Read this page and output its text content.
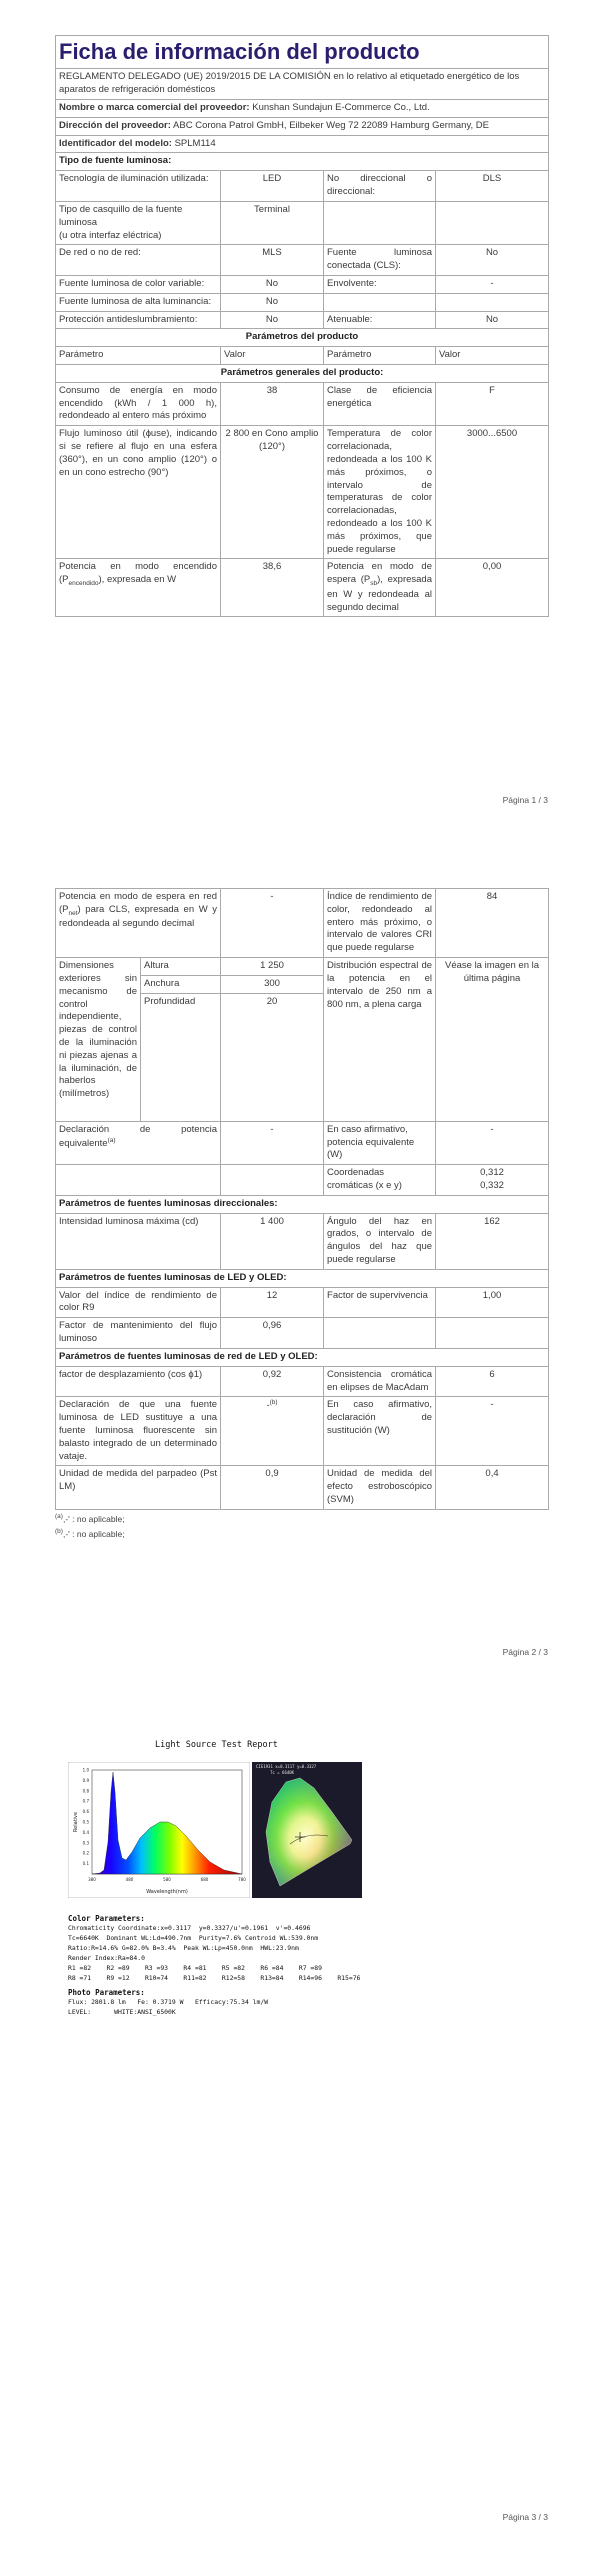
Ficha de información del producto			
REGLAMENTO DELEGADO (UE) 2019/2015 DE LA COMISIÓN en lo relativo al etiquetado energético de los aparatos de refrigeración domésticos			
Nombre o marca comercial del proveedor: Kunshan Sundajun E-Commerce Co., Ltd.			
Dirección del proveedor: ABC Corona Patrol GmbH, Eilbeker Weg 72 22089 Hamburg Germany, DE			
Identificador del modelo: SPLM114			
Tipo de fuente luminosa:			
Tecnología de iluminación utilizada:	LED	No direccional o direccional:	DLS
Tipo de casquillo de la fuente luminosa
(u otra interfaz eléctrica)	Terminal		
De red o no de red:	MLS	Fuente luminosa conectada (CLS):	No
Fuente luminosa de color variable:	No	Envolvente:	-
Fuente luminosa de alta luminancia:	No		
Protección antideslumbramiento:	No	Atenuable:	No
Parámetros del producto			
Parámetro	Valor	Parámetro	Valor
Parámetros generales del producto:			
Consumo de energía en modo encendido (kWh / 1 000 h), redondeado al entero más próximo	38	Clase de eficiencia energética	F
Flujo luminoso útil (ɸuse), indicando si se refiere al flujo en una esfera (360°), en un cono amplio (120°) o en un cono estrecho (90°)	2 800 en Cono amplio (120°)	Temperatura de color correlacionada, redondeada a los 100 K más próximos, o intervalo de temperaturas de color correlacionadas, redondeado a los 100 K más próximos, que puede regularse	3000...6500
Potencia en modo encendido $(P_{encendido})$, expresada en W	38,6	Potencia en modo de espera $(P_{sb})$, expresada en W y redondeada al segundo decimal	0,00
Página 1 / 3
Potencia en modo de espera en red $(P_{net})$ para CLS, expresada en W y redondeada al segundo decimal		-	Índice de rendimiento de color, redondeado al entero más próximo, o intervalo de valores CRI que puede regularse	84
Dimensiones exteriores sin mecanismo de control independiente, piezas de control de la iluminación ni piezas ajenas a la iluminación, de haberlos (milímetros)	Altura	1 250	Distribución espectral de la potencia en el intervalo de 250 nm a 800 nm, a plena carga	Véase la imagen en la última página
	Anchura	300		
	Profundidad	20		
Declaración de potencia equivalente$^{(a)}$		-	En caso afirmativo, potencia equivalente (W)	-
			Coordenadas cromáticas (x e y)	0,312
0,332
Parámetros de fuentes luminosas direccionales:				
Intensidad luminosa máxima (cd)		1 400	Ángulo del haz en grados, o intervalo de ángulos del haz que puede regularse	162
Parámetros de fuentes luminosas de LED y OLED:				
Valor del índice de rendimiento de color R9		12	Factor de supervivencia	1,00
Factor de mantenimiento del flujo luminoso		0,96		
Parámetros de fuentes luminosas de red de LED y OLED:				
factor de desplazamiento (cos ϕ1)		0,92	Consistencia cromática en elipses de MacAdam	6
Declaración de que una fuente luminosa de LED sustituye a una fuente luminosa fluorescente sin balasto integrado de un determinado vataje.		-$^{(b)}$	En caso afirmativo, declaración de sustitución (W)	-
Unidad de medida del parpadeo (Pst LM)		0,9	Unidad de medida del efecto estroboscópico (SVM)	0,4
$^{(a)}$,-' : no aplicable;
$^{(b)}$,-' : no aplicable;
Página 2 / 3
Light Source Test Report
1.0
0.9
0.8
0.7
0.6
0.5
0.4
0.3
0.2
0.1
380	480	580	680	780
Wavelength(nm)
Relative
CIE1931 x=0.3117 y=0.3327
Tc = 6640K
Color Parameters:
Chromaticity Coordinate:x=0.3117  y=0.3327/u'=0.1961  v'=0.4696
Tc=6640K  Dominant WL:Ld=490.7nm  Purity=7.6% Centroid WL:539.0nm
Ratio:R=14.6% G=82.0% B=3.4%  Peak WL:Lp=450.0nm  HWL:23.9nm
Render Index:Ra=84.0
R1 =82    R2 =89    R3 =93    R4 =81    R5 =82    R6 =84    R7 =89
R8 =71    R9 =12    R10=74    R11=82    R12=58    R13=84    R14=96    R15=76
Photo Parameters:
Flux: 2801.8 lm   Fe: 0.3719 W   Efficacy:75.34 lm/W
LEVEL:      WHITE:ANSI_6500K
Página 3 / 3
